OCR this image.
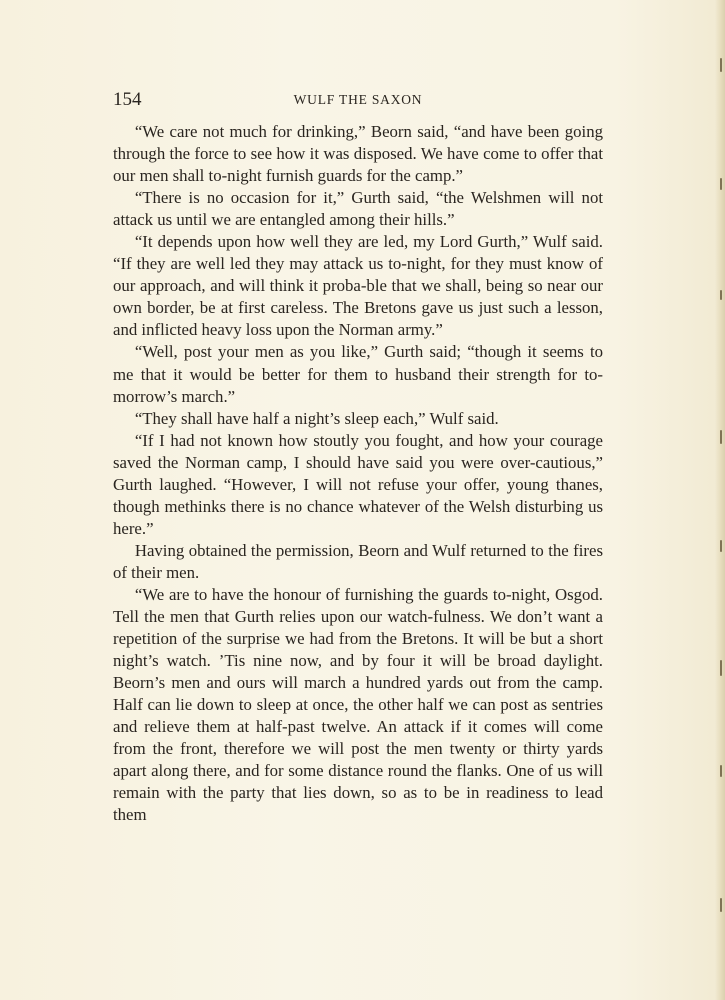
154	WULF THE SAXON

“We care not much for drinking,” Beorn said, “and have been going through the force to see how it was disposed. We have come to offer that our men shall to-night furnish guards for the camp.”

“There is no occasion for it,” Gurth said, “the Welshmen will not attack us until we are entangled among their hills.”

“It depends upon how well they are led, my Lord Gurth,” Wulf said. “If they are well led they may attack us to-night, for they must know of our approach, and will think it proba-ble that we shall, being so near our own border, be at first careless. The Bretons gave us just such a lesson, and inflicted heavy loss upon the Norman army.”

“Well, post your men as you like,” Gurth said; “though it seems to me that it would be better for them to husband their strength for to-morrow’s march.”

“They shall have half a night’s sleep each,” Wulf said.

“If I had not known how stoutly you fought, and how your courage saved the Norman camp, I should have said you were over-cautious,” Gurth laughed. “However, I will not refuse your offer, young thanes, though methinks there is no chance whatever of the Welsh disturbing us here.”

Having obtained the permission, Beorn and Wulf returned to the fires of their men.

“We are to have the honour of furnishing the guards to-night, Osgod. Tell the men that Gurth relies upon our watch-fulness. We don’t want a repetition of the surprise we had from the Bretons. It will be but a short night’s watch. ’Tis nine now, and by four it will be broad daylight. Beorn’s men and ours will march a hundred yards out from the camp. Half can lie down to sleep at once, the other half we can post as sentries and relieve them at half-past twelve. An attack if it comes will come from the front, therefore we will post the men twenty or thirty yards apart along there, and for some distance round the flanks. One of us will remain with the party that lies down, so as to be in readiness to lead them
